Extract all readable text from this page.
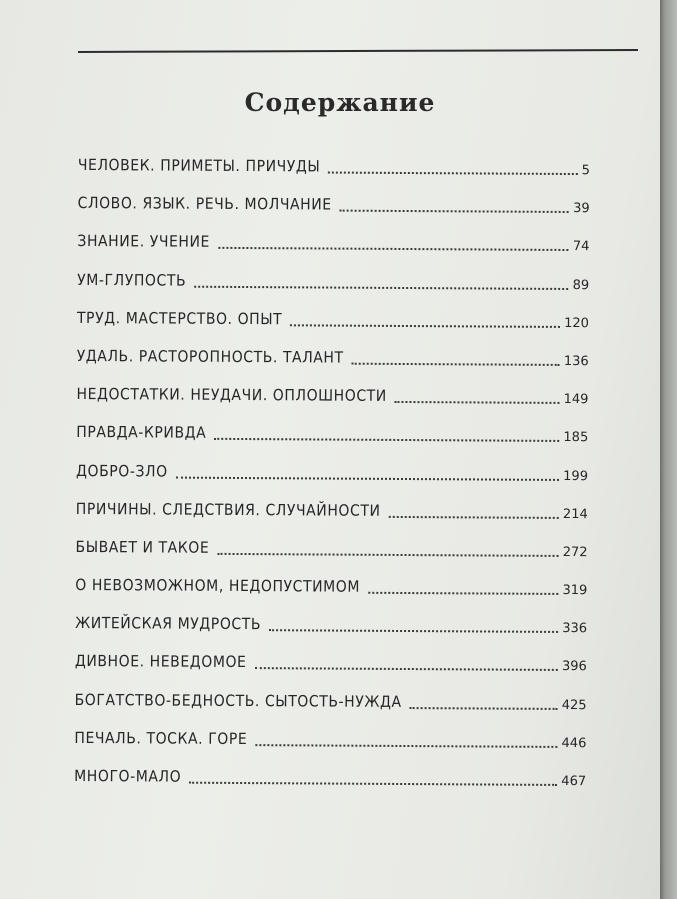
Содержание
ЧЕЛОВЕК. ПРИМЕТЫ. ПРИЧУДЫ	5
СЛОВО. ЯЗЫК. РЕЧЬ. МОЛЧАНИЕ	39
ЗНАНИЕ. УЧЕНИЕ	74
УМ-ГЛУПОСТЬ	89
ТРУД. МАСТЕРСТВО. ОПЫТ	120
УДАЛЬ. РАСТОРОПНОСТЬ. ТАЛАНТ	136
НЕДОСТАТКИ. НЕУДАЧИ. ОПЛОШНОСТИ	149
ПРАВДА-КРИВДА	185
ДОБРО-ЗЛО	199
ПРИЧИНЫ. СЛЕДСТВИЯ. СЛУЧАЙНОСТИ	214
БЫВАЕТ И ТАКОЕ	272
О НЕВОЗМОЖНОМ, НЕДОПУСТИМОМ	319
ЖИТЕЙСКАЯ МУДРОСТЬ	336
ДИВНОЕ. НЕВЕДОМОЕ	396
БОГАТСТВО-БЕДНОСТЬ. СЫТОСТЬ-НУЖДА	425
ПЕЧАЛЬ. ТОСКА. ГОРЕ	446
МНОГО-МАЛО	467
